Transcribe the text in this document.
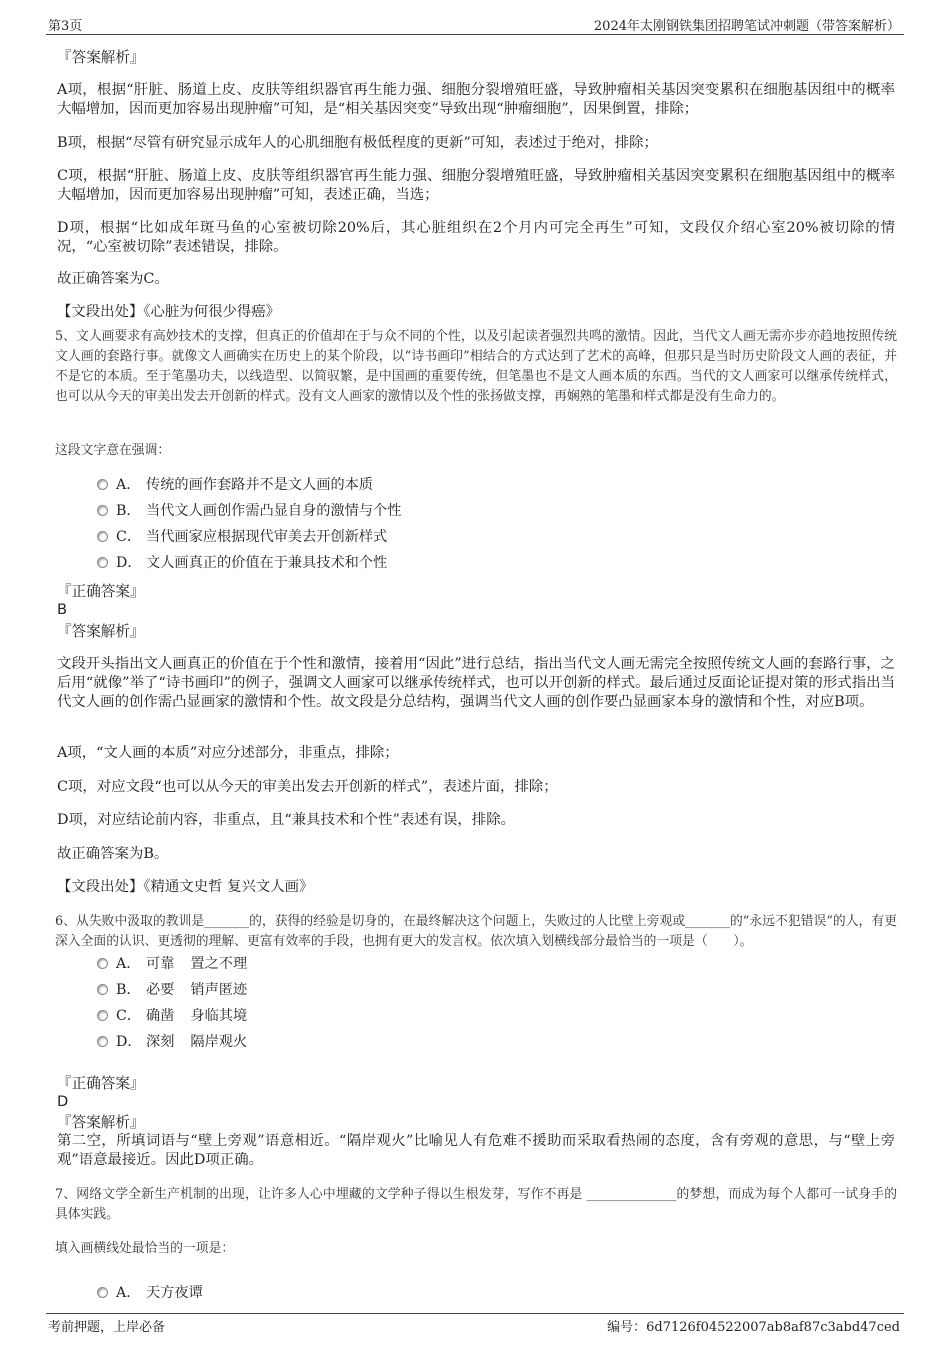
第3页	2024年太刚钢铁集团招聘笔试冲刺题（带答案解析）
『答案解析』
A项，根据“肝脏、肠道上皮、皮肤等组织器官再生能力强、细胞分裂增殖旺盛，导致肿瘤相关基因突变累积在细胞基因组中的概率大幅增加，因而更加容易出现肿瘤”可知，是“相关基因突变”导致出现“肿瘤细胞”，因果倒置，排除；
B项，根据“尽管有研究显示成年人的心肌细胞有极低程度的更新”可知，表述过于绝对，排除；
C项，根据“肝脏、肠道上皮、皮肤等组织器官再生能力强、细胞分裂增殖旺盛，导致肿瘤相关基因突变累积在细胞基因组中的概率大幅增加，因而更加容易出现肿瘤”可知，表述正确，当选；
D项，根据“比如成年斑马鱼的心室被切除20%后，其心脏组织在2个月内可完全再生”可知，文段仅介绍心室20%被切除的情况，“心室被切除”表述错误，排除。
故正确答案为C。
【文段出处】《心脏为何很少得癌》
5、文人画要求有高妙技术的支撑，但真正的价值却在于与众不同的个性，以及引起读者强烈共鸣的激情。因此，当代文人画无需亦步亦趋地按照传统文人画的套路行事。就像文人画确实在历史上的某个阶段，以“诗书画印”相结合的方式达到了艺术的高峰，但那只是当时历史阶段文人画的表征，并不是它的本质。至于笔墨功夫，以线造型、以简驭繁，是中国画的重要传统，但笔墨也不是文人画本质的东西。当代的文人画家可以继承传统样式，也可以从今天的审美出发去开创新的样式。没有文人画家的激情以及个性的张扬做支撑，再娴熟的笔墨和样式都是没有生命力的。
这段文字意在强调：
A． 传统的画作套路并不是文人画的本质
B． 当代文人画创作需凸显自身的激情与个性
C． 当代画家应根据现代审美去开创新样式
D． 文人画真正的价值在于兼具技术和个性
『正确答案』
B
『答案解析』
文段开头指出文人画真正的价值在于个性和激情，接着用“因此”进行总结，指出当代文人画无需完全按照传统文人画的套路行事，之后用“就像”举了“诗书画印”的例子，强调文人画家可以继承传统样式，也可以开创新的样式。最后通过反面论证提对策的形式指出当代文人画的创作需凸显画家的激情和个性。故文段是分总结构，强调当代文人画的创作要凸显画家本身的激情和个性，对应B项。
A项，“文人画的本质”对应分述部分，非重点，排除；
C项，对应文段“也可以从今天的审美出发去开创新的样式”，表述片面，排除；
D项，对应结论前内容，非重点，且“兼具技术和个性”表述有误，排除。
故正确答案为B。
【文段出处】《精通文史哲 复兴文人画》
6、从失败中汲取的教训是_______的，获得的经验是切身的，在最终解决这个问题上，失败过的人比壁上旁观或_______的“永远不犯错误”的人，有更深入全面的认识、更透彻的理解、更富有效率的手段，也拥有更大的发言权。依次填入划横线部分最恰当的一项是（　　）。
A． 可靠 置之不理
B． 必要 销声匿迹
C． 确凿 身临其境
D． 深刻 隔岸观火
『正确答案』
D
『答案解析』
第二空，所填词语与“壁上旁观”语意相近。“隔岸观火”比喻见人有危难不援助而采取看热闹的态度，含有旁观的意思，与“壁上旁观”语意最接近。因此D项正确。
7、网络文学全新生产机制的出现，让许多人心中埋藏的文学种子得以生根发芽，写作不再是 ______________的梦想，而成为每个人都可一试身手的具体实践。
填入画横线处最恰当的一项是：
A． 天方夜谭
考前押题，上岸必备	编号：6d7126f04522007ab8af87c3abd47ced
